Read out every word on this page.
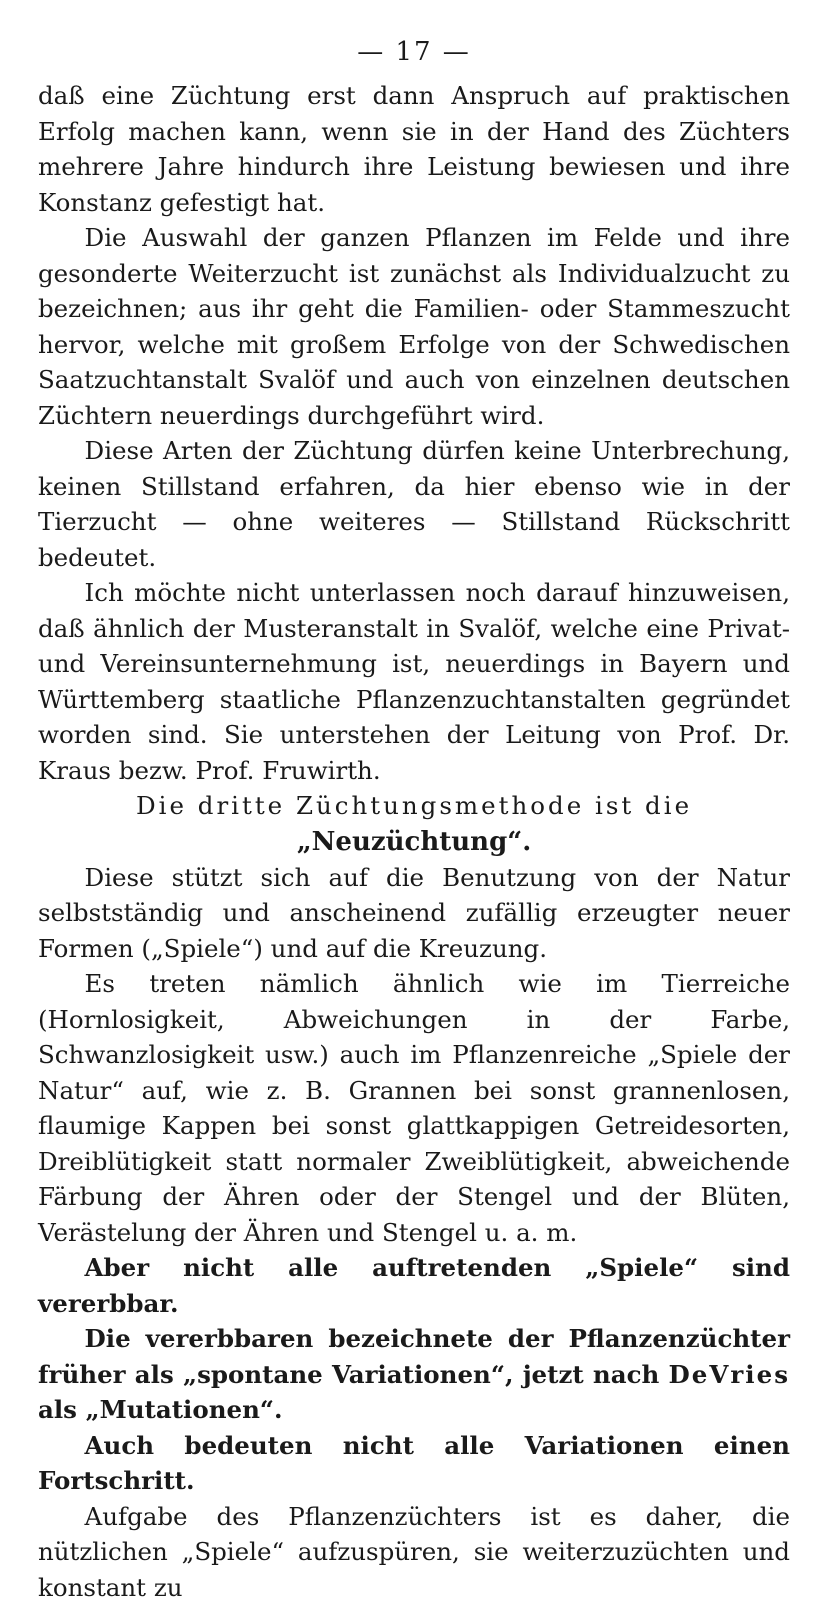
— 17 —

daß eine Züchtung erst dann Anspruch auf praktischen Erfolg machen kann, wenn sie in der Hand des Züchters mehrere Jahre hindurch ihre Leistung bewiesen und ihre Konstanz gefestigt hat.

Die Auswahl der ganzen Pflanzen im Felde und ihre gesonderte Weiterzucht ist zunächst als Individualzucht zu bezeichnen; aus ihr geht die Familien- oder Stammeszucht hervor, welche mit großem Erfolge von der Schwedischen Saatzuchtanstalt Svalöf und auch von einzelnen deutschen Züchtern neuerdings durchgeführt wird.

Diese Arten der Züchtung dürfen keine Unterbrechung, keinen Stillstand erfahren, da hier ebenso wie in der Tierzucht — ohne weiteres — Stillstand Rückschritt bedeutet.

Ich möchte nicht unterlassen noch darauf hinzuweisen, daß ähnlich der Musteranstalt in Svalöf, welche eine Privat- und Vereinsunternehmung ist, neuerdings in Bayern und Württemberg staatliche Pflanzenzuchtanstalten gegründet worden sind. Sie unterstehen der Leitung von Prof. Dr. Kraus bezw. Prof. Fruwirth.

Die dritte Züchtungsmethode ist die

„Neuzüchtung“.

Diese stützt sich auf die Benutzung von der Natur selbstständig und anscheinend zufällig erzeugter neuer Formen („Spiele“) und auf die Kreuzung.

Es treten nämlich ähnlich wie im Tierreiche (Hornlosigkeit, Abweichungen in der Farbe, Schwanzlosigkeit usw.) auch im Pflanzenreiche „Spiele der Natur“ auf, wie z. B. Grannen bei sonst grannenlosen, flaumige Kappen bei sonst glattkappigen Getreidesorten, Dreiblütigkeit statt normaler Zweiblütigkeit, abweichende Färbung der Ähren oder der Stengel und der Blüten, Verästelung der Ähren und Stengel u. a. m.

Aber nicht alle auftretenden „Spiele“ sind vererbbar.

Die vererbbaren bezeichnete der Pflanzenzüchter früher als „spontane Variationen“, jetzt nach DeVries als „Mutationen“.

Auch bedeuten nicht alle Variationen einen Fortschritt.

Aufgabe des Pflanzenzüchters ist es daher, die nützlichen „Spiele“ aufzuspüren, sie weiterzuzüchten und konstant zu
